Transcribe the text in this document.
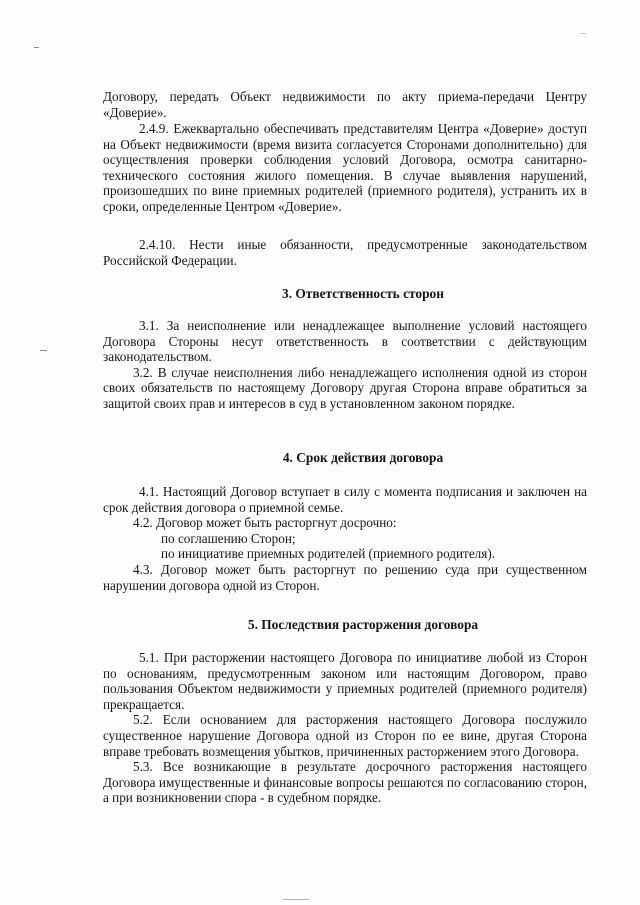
Договору, передать Объект недвижимости по акту приема-передачи Центру «Доверие».

2.4.9. Ежеквартально обеспечивать представителям Центра «Доверие» доступ на Объект недвижимости (время визита согласуется Сторонами дополнительно) для осуществления проверки соблюдения условий Договора, осмотра санитарно-технического состояния жилого помещения. В случае выявления нарушений, произошедших по вине приемных родителей (приемного родителя), устранить их в сроки, определенные Центром «Доверие».

2.4.10. Нести иные обязанности, предусмотренные законодательством Российской Федерации.

3. Ответственность сторон

3.1. За неисполнение или ненадлежащее выполнение условий настоящего Договора Стороны несут ответственность в соответствии с действующим законодательством.

3.2. В случае неисполнения либо ненадлежащего исполнения одной из сторон своих обязательств по настоящему Договору другая Сторона вправе обратиться за защитой своих прав и интересов в суд в установленном законом порядке.

4. Срок действия договора

4.1. Настоящий Договор вступает в силу с момента подписания и заключен на срок действия договора о приемной семье.

4.2. Договор может быть расторгнут досрочно:

по соглашению Сторон;

по инициативе приемных родителей (приемного родителя).

4.3. Договор может быть расторгнут по решению суда при существенном нарушении договора одной из Сторон.

5. Последствия расторжения договора

5.1. При расторжении настоящего Договора по инициативе любой из Сторон по основаниям, предусмотренным законом или настоящим Договором, право пользования Объектом недвижимости у приемных родителей (приемного родителя) прекращается.

5.2. Если основанием для расторжения настоящего Договора послужило существенное нарушение Договора одной из Сторон по ее вине, другая Сторона вправе требовать возмещения убытков, причиненных расторжением этого Договора.

5.3. Все возникающие в результате досрочного расторжения настоящего Договора имущественные и финансовые вопросы решаются по согласованию сторон, а при возникновении спора - в судебном порядке.
